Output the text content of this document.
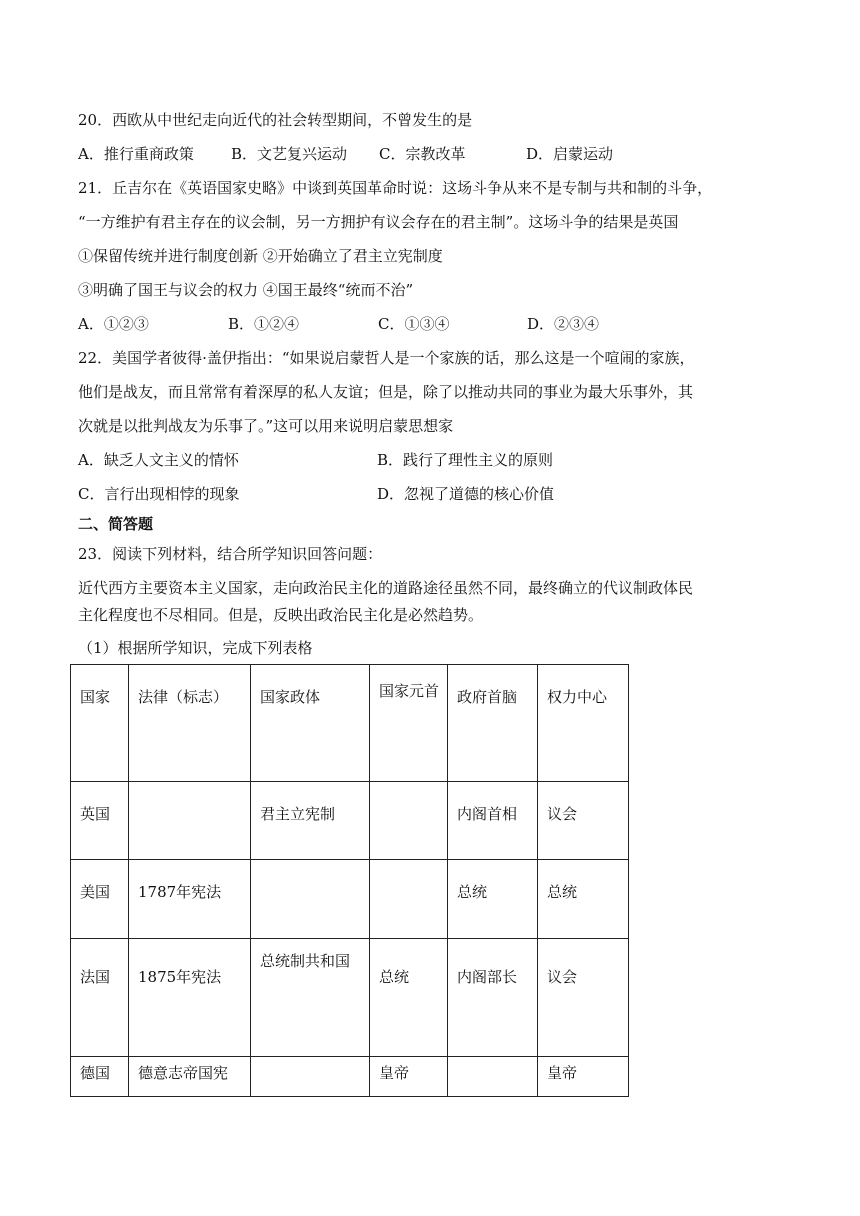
20．西欧从中世纪走向近代的社会转型期间，不曾发生的是
A．推行重商政策 B．文艺复兴运动 C．宗教改革	D．启蒙运动
21．丘吉尔在《英语国家史略》中谈到英国革命时说：这场斗争从来不是专制与共和制的斗争，
“一方维护有君主存在的议会制，另一方拥护有议会存在的君主制”。这场斗争的结果是英国
①保留传统并进行制度创新 ②开始确立了君主立宪制度
③明确了国王与议会的权力 ④国王最终“统而不治”
A．①②③	B．①②④	C．①③④	D．②③④
22．美国学者彼得·盖伊指出：“如果说启蒙哲人是一个家族的话，那么这是一个喧闹的家族，
他们是战友，而且常常有着深厚的私人友谊；但是，除了以推动共同的事业为最大乐事外，其
次就是以批判战友为乐事了。”这可以用来说明启蒙思想家
A．缺乏人文主义的情怀	B．践行了理性主义的原则
C．言行出现相悖的现象	D．忽视了道德的核心价值
二、简答题
23．阅读下列材料，结合所学知识回答问题：
近代西方主要资本主义国家，走向政治民主化的道路途径虽然不同，最终确立的代议制政体民
主化程度也不尽相同。但是，反映出政治民主化是必然趋势。
（1）根据所学知识，完成下列表格
国家	法律（标志）	国家政体	国家元首	政府首脑	权力中心
英国		君主立宪制		内阁首相	议会
美国	1787年宪法			总统	总统
法国	1875年宪法	总统制共和国	总统	内阁部长	议会
德国	德意志帝国宪		皇帝		皇帝
